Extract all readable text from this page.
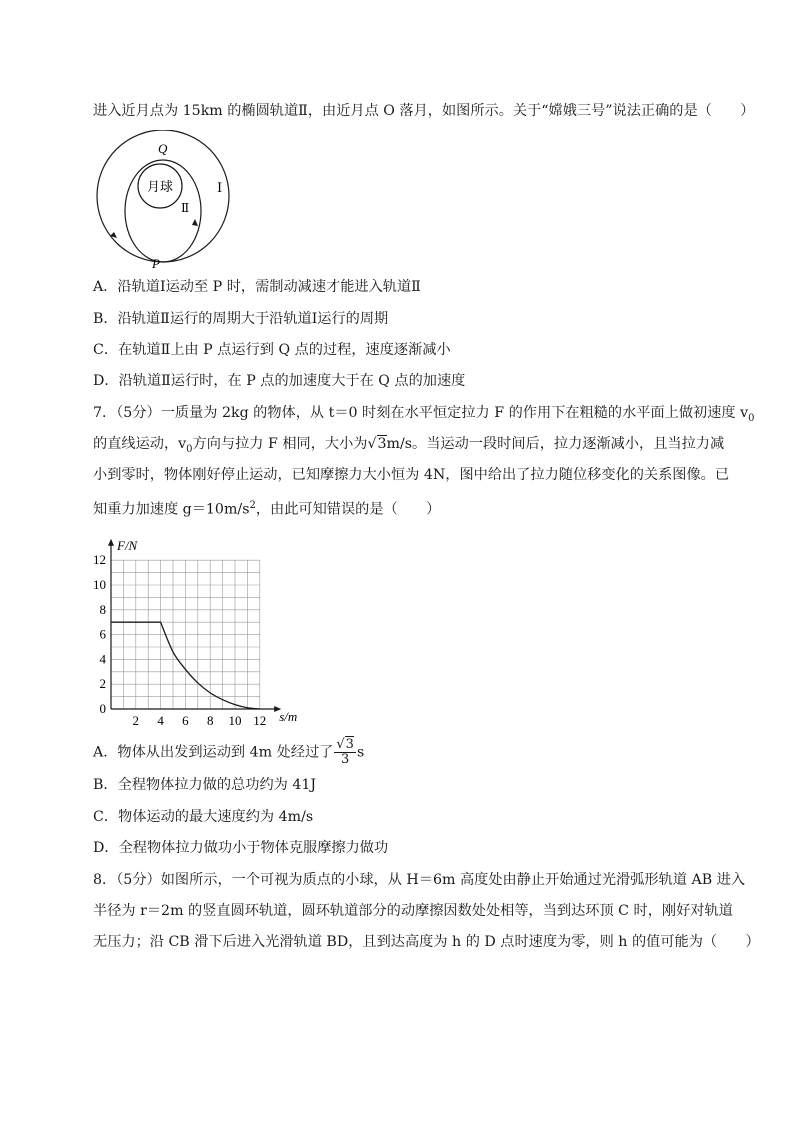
进入近月点为 15km 的椭圆轨道Ⅱ，由近月点 O 落月，如图所示。关于“嫦娥三号”说法正确的是（　　）
月球	Ⅰ
Ⅱ
Q
P
A．沿轨道Ⅰ运动至 P 时，需制动减速才能进入轨道Ⅱ
B．沿轨道Ⅱ运行的周期大于沿轨道Ⅰ运行的周期
C．在轨道Ⅱ上由 P 点运行到 Q 点的过程，速度逐渐减小
D．沿轨道Ⅱ运行时，在 P 点的加速度大于在 Q 点的加速度
7．（5分）一质量为 2kg 的物体，从 t＝0 时刻在水平恒定拉力 F 的作用下在粗糙的水平面上做初速度 $v_0$
的直线运动，$v_0$方向与拉力 F 相同，大小为√3m/s。当运动一段时间后，拉力逐渐减小，且当拉力减
小到零时，物体刚好停止运动，已知摩擦力大小恒为 4N，图中给出了拉力随位移变化的关系图像。已
知重力加速度 $g=10m/s^2$，由此可知错误的是（　　）
2 4 6 8 10 12
0
2
4
6
8
10
12
F/N
s/m
A．物体从出发到运动到 4m 处经过了 $\frac{√3}{3}$ s
B．全程物体拉力做的总功约为 41J
C．物体运动的最大速度约为 4m/s
D．全程物体拉力做功小于物体克服摩擦力做功
8．（5分）如图所示，一个可视为质点的小球，从 H＝6m 高度处由静止开始通过光滑弧形轨道 AB 进入
半径为 r＝2m 的竖直圆环轨道，圆环轨道部分的动摩擦因数处处相等，当到达环顶 C 时，刚好对轨道
无压力；沿 CB 滑下后进入光滑轨道 BD，且到达高度为 h 的 D 点时速度为零，则 h 的值可能为（　　）
